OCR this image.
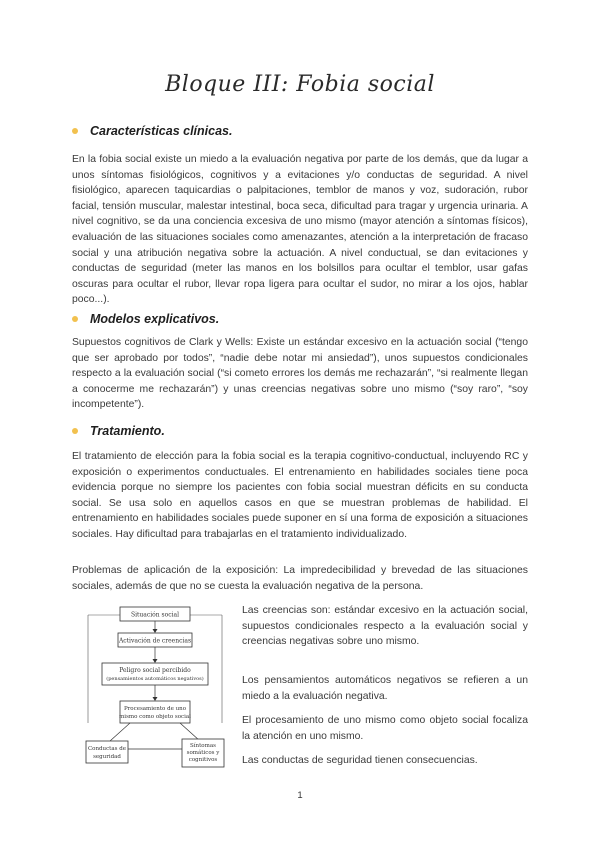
Bloque III: Fobia social
Características clínicas.
En la fobia social existe un miedo a la evaluación negativa por parte de los demás, que da lugar a unos síntomas fisiológicos, cognitivos y a evitaciones y/o conductas de seguridad. A nivel fisiológico, aparecen taquicardias o palpitaciones, temblor de manos y voz, sudoración, rubor facial, tensión muscular, malestar intestinal, boca seca, dificultad para tragar y urgencia urinaria. A nivel cognitivo, se da una conciencia excesiva de uno mismo (mayor atención a síntomas físicos), evaluación de las situaciones sociales como amenazantes, atención a la interpretación de fracaso social y una atribución negativa sobre la actuación. A nivel conductual, se dan evitaciones y conductas de seguridad (meter las manos en los bolsillos para ocultar el temblor, usar gafas oscuras para ocultar el rubor, llevar ropa ligera para ocultar el sudor, no mirar a los ojos, hablar poco...).
Modelos explicativos.
Supuestos cognitivos de Clark y Wells: Existe un estándar excesivo en la actuación social (“tengo que ser aprobado por todos”, “nadie debe notar mi ansiedad”), unos supuestos condicionales respecto a la evaluación social (“si cometo errores los demás me rechazarán”, “si realmente llegan a conocerme me rechazarán”) y unas creencias negativas sobre uno mismo (“soy raro”, “soy incompetente”).
Tratamiento.
El tratamiento de elección para la fobia social es la terapia cognitivo-conductual, incluyendo RC y exposición o experimentos conductuales. El entrenamiento en habilidades sociales tiene poca evidencia porque no siempre los pacientes con fobia social muestran déficits en su conducta social. Se usa solo en aquellos casos en que se muestran problemas de habilidad. El entrenamiento en habilidades sociales puede suponer en sí una forma de exposición a situaciones sociales. Hay dificultad para trabajarlas en el tratamiento individualizado.
Problemas de aplicación de la exposición: La impredecibilidad y brevedad de las situaciones sociales, además de que no se cuesta la evaluación negativa de la persona.
Situación social
Activación de creencias
Peligro social percibido
(pensamientos automáticos negativos)
Procesamiento de uno
mismo como objeto social
Conductas de
seguridad
Síntomas
somáticos y
cognitivos
Las creencias son: estándar excesivo en la actuación social, supuestos condicionales respecto a la evaluación social y creencias negativas sobre uno mismo.
Los pensamientos automáticos negativos se refieren a un miedo a la evaluación negativa.
El procesamiento de uno mismo como objeto social focaliza la atención en uno mismo.
Las conductas de seguridad tienen consecuencias.
1
